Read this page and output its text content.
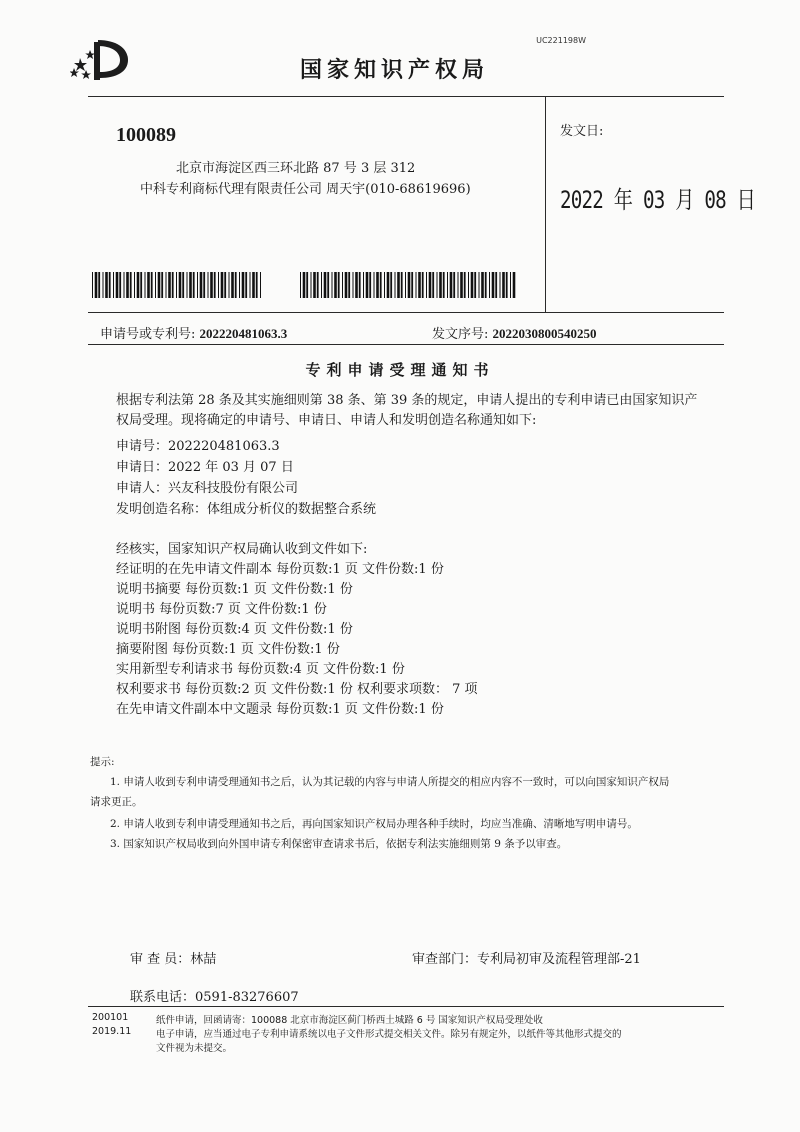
UC221198W
国家知识产权局
100089
北京市海淀区西三环北路 87 号 3 层 312
中科专利商标代理有限责任公司 周天宇(010-68619696)
发文日:
2022 年 03 月 08 日
申请号或专利号: 202220481063.3	发文序号: 2022030800540250
专利申请受理通知书
根据专利法第 28 条及其实施细则第 38 条、第 39 条的规定，申请人提出的专利申请已由国家知识产权局受理。现将确定的申请号、申请日、申请人和发明创造名称通知如下:
申请号：202220481063.3
申请日：2022 年 03 月 07 日
申请人：兴友科技股份有限公司
发明创造名称：体组成分析仪的数据整合系统
经核实，国家知识产权局确认收到文件如下:
经证明的在先申请文件副本 每份页数:1 页 文件份数:1 份
说明书摘要 每份页数:1 页 文件份数:1 份
说明书 每份页数:7 页 文件份数:1 份
说明书附图 每份页数:4 页 文件份数:1 份
摘要附图 每份页数:1 页 文件份数:1 份
实用新型专利请求书 每份页数:4 页 文件份数:1 份
权利要求书 每份页数:2 页 文件份数:1 份 权利要求项数： 7 项
在先申请文件副本中文题录 每份页数:1 页 文件份数:1 份
提示:
1. 申请人收到专利申请受理通知书之后，认为其记载的内容与申请人所提交的相应内容不一致时，可以向国家知识产权局
请求更正。
2. 申请人收到专利申请受理通知书之后，再向国家知识产权局办理各种手续时，均应当准确、清晰地写明申请号。
3. 国家知识产权局收到向外国申请专利保密审查请求书后，依据专利法实施细则第 9 条予以审查。
审 查 员：林喆	审查部门：专利局初审及流程管理部-21
联系电话：0591-83276607
200101
2019.11
纸件申请，回函请寄：100088 北京市海淀区蓟门桥西土城路 6 号 国家知识产权局受理处收
电子申请，应当通过电子专利申请系统以电子文件形式提交相关文件。除另有规定外，以纸件等其他形式提交的
文件视为未提交。
